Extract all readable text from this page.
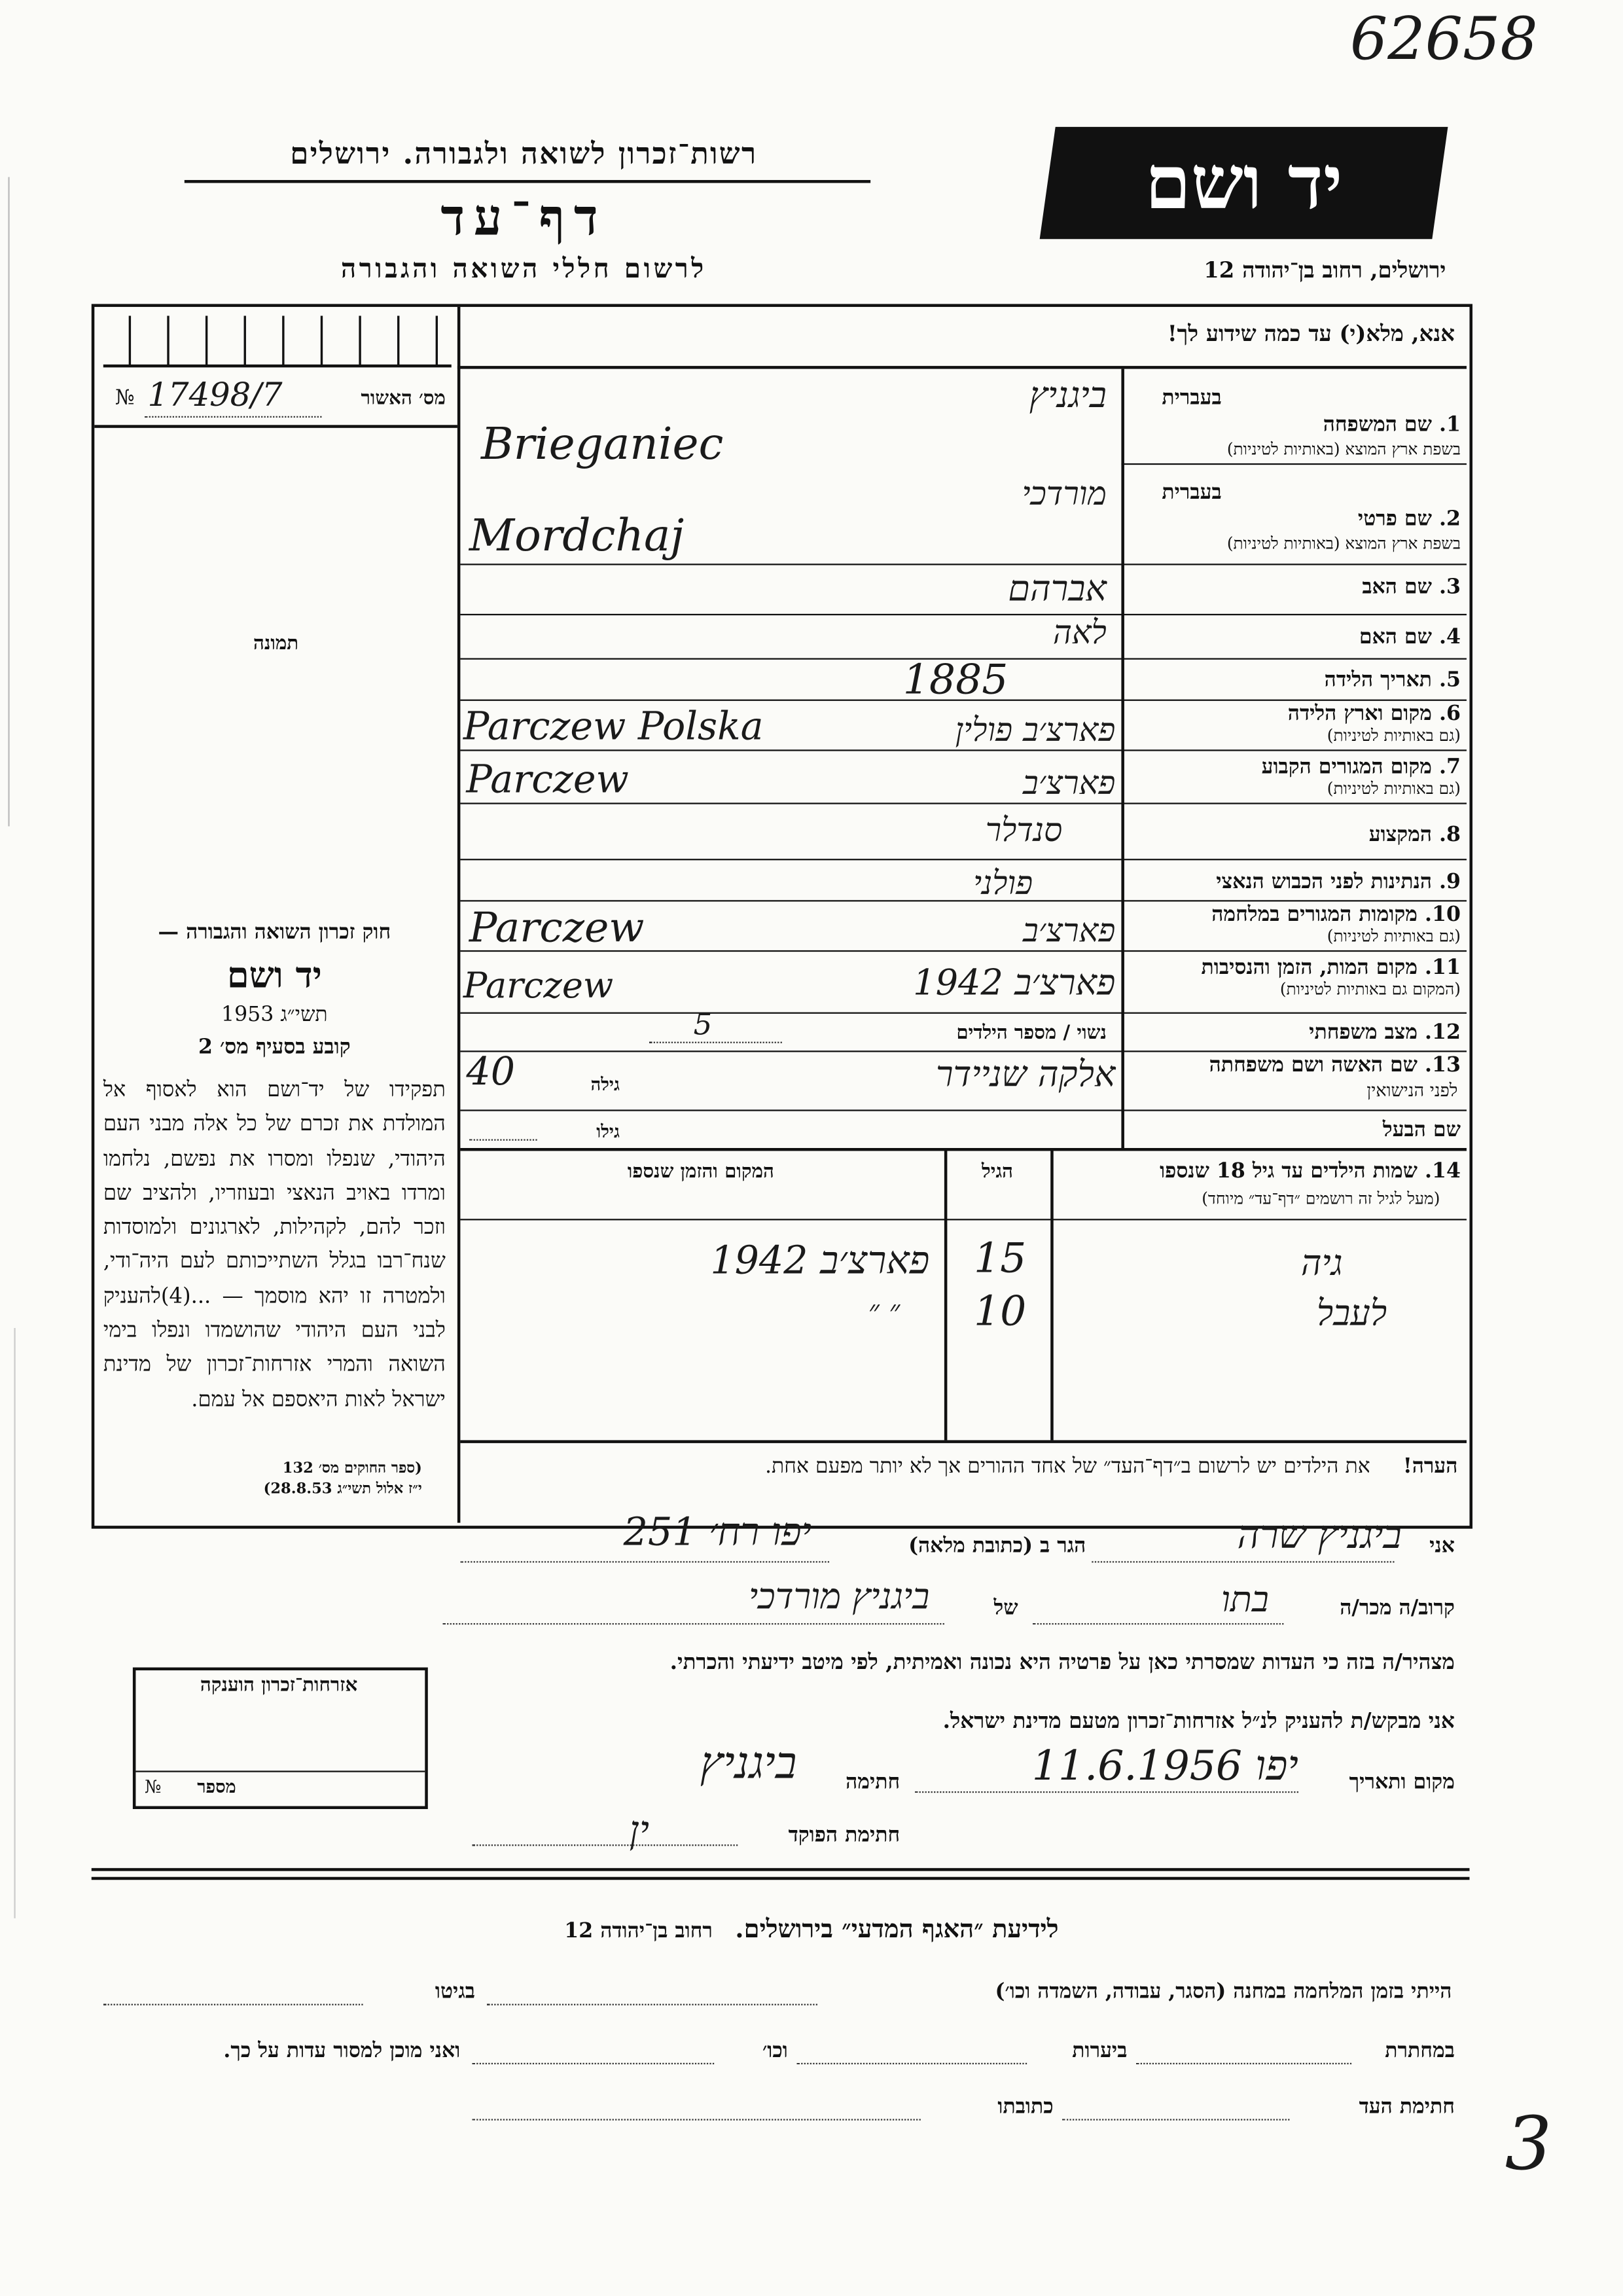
62658
רשות־זכרון לשואה ולגבורה. ירושלים
דף־עד
לרשום חללי השואה והגבורה
יד ושם
ירושלים, רחוב בן־יהודה 12
№ 17498/7	מס׳ האשור
תמונה
אנא, מלא(י) עד כמה שידוע לך!
בעברית
1. שם המשפחה
בשפת ארץ המוצא (באותיות לטיניות)
ביגניץ
Brieganiec
בעברית
2. שם פרטי
בשפת ארץ המוצא (באותיות לטיניות)
מורדכי
Mordchaj
3. שם האב
אברהם
4. שם האם
לאה
5. תאריך הלידה
1885
6. מקום וארץ הלידה
(גם באותיות לטיניות)
פארצ׳ב פולין
Parczew Polska
7. מקום המגורים הקבוע
(גם באותיות לטיניות)
פארצ׳ב
Parczew
8. המקצוע
סנדלר
9. הנתינות לפני הכבוש הנאצי
פולני
10. מקומות המגורים במלחמה
(גם באותיות לטיניות)
פארצ׳ב
Parczew
11. מקום המות, הזמן והנסיבות
(המקום גם באותיות לטיניות)
פארצ׳ב 1942
Parczew
12. מצב משפחתי
נשוי / מספר הילדים
5
13. שם האשה ושם משפחתה
לפני הנישואין
אלקה שניידר
גילה
40
שם הבעל
גילו
14. שמות הילדים עד גיל 18 שנספו
(מעל לגיל זה רושמים ״דף־עד״ מיוחד)
הגיל
המקום והזמן שנספו
גיה
15
פארצ׳ב 1942
לעבל
10
״ ״
הערה!     את הילדים יש לרשום ב״דף־העד״ של אחד ההורים אך לא יותר מפעם אחת.
חוק זכרון השואה והגבורה —
יד ושם
תשי״ג 1953
קובע בסעיף מס׳ 2
תפקידו של יד־ושם הוא לאסוף אל המולדת את זכרם של כל אלה מבני העם היהודי, שנפלו ומסרו את נפשם, נלחמו ומרדו באויב הנאצי ובעוזריו, ולהציב שם וזכר להם, לקהילות, לארגונים ולמוסדות שנח־רבו בגלל השתייכותם לעם היה־ודי, ולמטרה זו יהא מוסמך — ...(4)להעניק לבני העם היהודי שהושמדו ונפלו בימי השואה והמרי אזרחות־זכרון של מדינת ישראל לאות היאספם אל עמם.
(ספר החוקים מס׳ 132
י״ז אלול תשי״ג 28.8.53)
אני
ביגניץ שרה
הגר ב (כתובת מלאה)
יפו רח׳ 251
קרוב/ה מכר/ה
בתו
של
ביגניץ מורדכי
מצהיר/ה בזה כי העדות שמסרתי כאן על פרטיה היא נכונה ואמיתית, לפי מיטב ידיעתי והכרתי.
אני מבקש/ת להעניק לנ״ל אזרחות־זכרון מטעם מדינת ישראל.
מקום ותאריך
יפו 11.6.1956
חתימה
ביגניץ
חתימת הפוקד
ין
אזרחות־זכרון הוענקה
מספר
№
לידיעת ״האגף המדעי״ בירושלים.   רחוב בן־יהודה 12
הייתי בזמן המלחמה במחנה (הסגר, עבודה, השמדה וכו׳)
בגיטו
במחתרת
ביערות
וכו׳
ואני מוכן למסור עדות על כך.
חתימת העד
כתובתו	3
